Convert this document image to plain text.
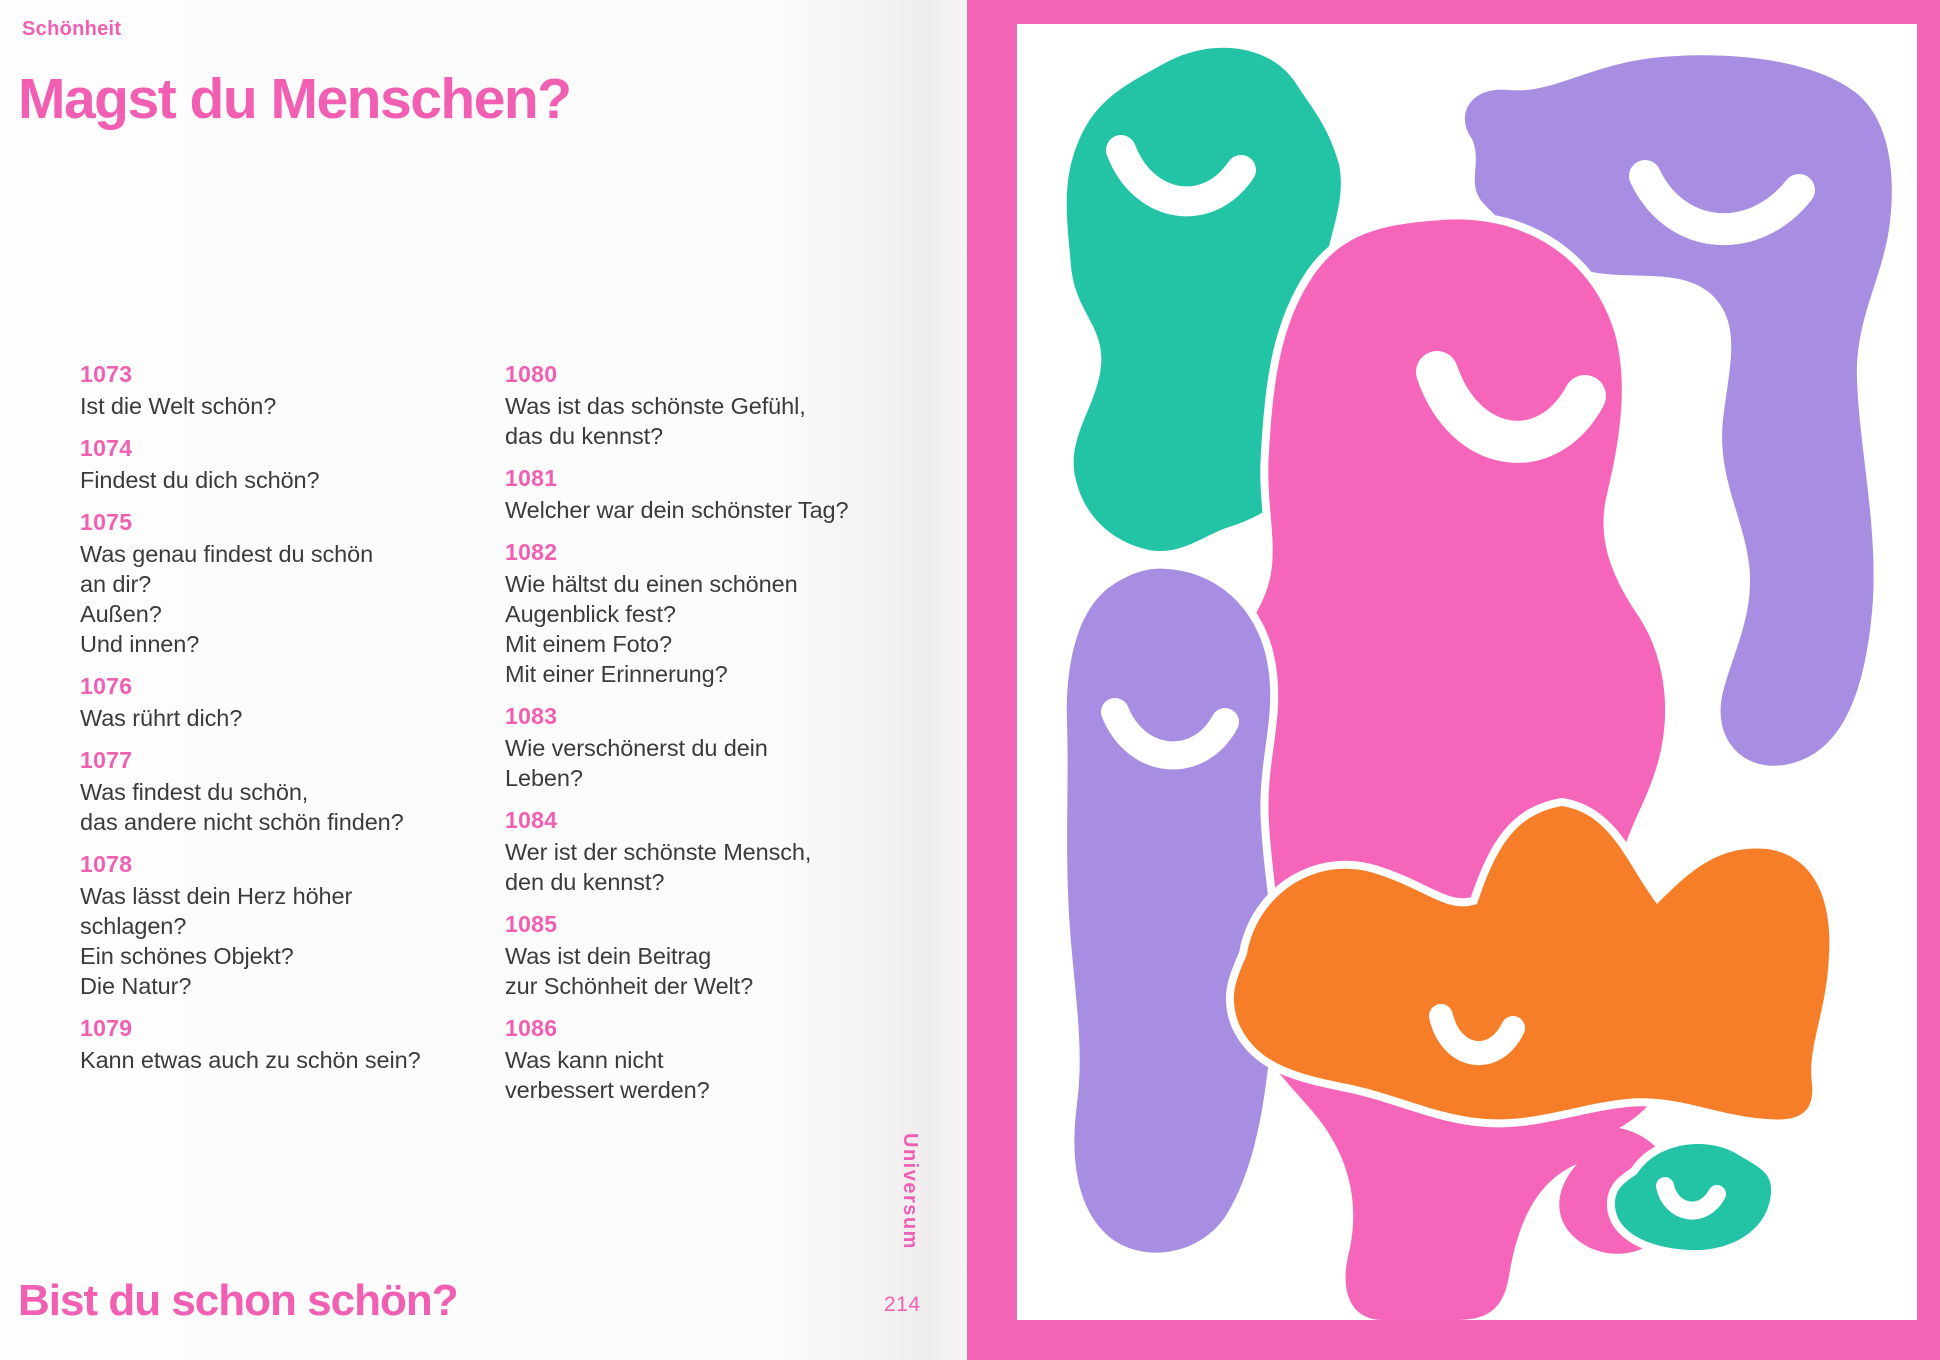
Schönheit
Magst du Menschen?
1073
Ist die Welt schön?
1074
Findest du dich schön?
1075
Was genau findest du schön
an dir?
Außen?
Und innen?
1076
Was rührt dich?
1077
Was findest du schön,
das andere nicht schön finden?
1078
Was lässt dein Herz höher
schlagen?
Ein schönes Objekt?
Die Natur?
1079
Kann etwas auch zu schön sein?
1080
Was ist das schönste Gefühl,
das du kennst?
1081
Welcher war dein schönster Tag?
1082
Wie hältst du einen schönen
Augenblick fest?
Mit einem Foto?
Mit einer Erinnerung?
1083
Wie verschönerst du dein
Leben?
1084
Wer ist der schönste Mensch,
den du kennst?
1085
Was ist dein Beitrag
zur Schönheit der Welt?
1086
Was kann nicht
verbessert werden?
Universum
214
Bist du schon schön?
